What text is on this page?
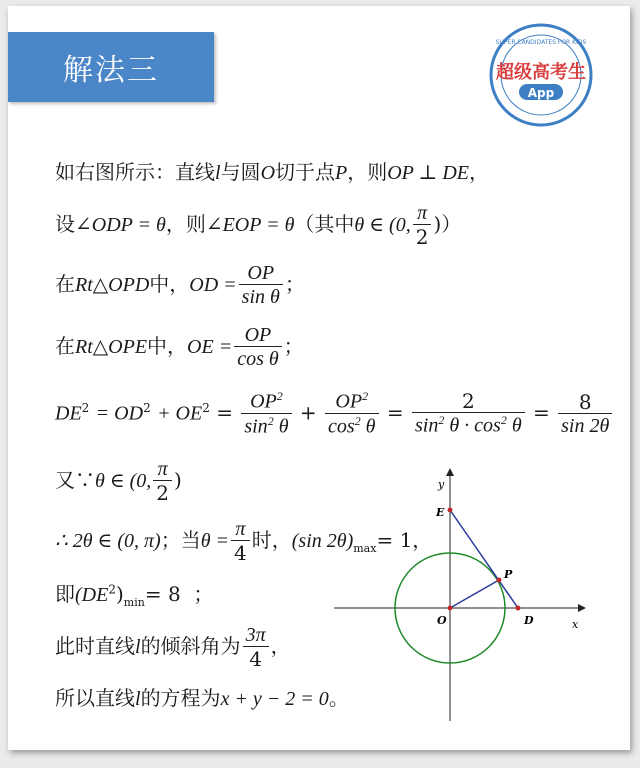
解法三
SUPER CANDIDATES FOR KIDS
超级高考生
App
如右图所示：直线l与圆O切于点P，则OP ⊥ DE，
设∠ODP = θ，则∠EOP = θ（其中θ ∈ (0, $\frac{\pi}{2}$ )）
在Rt△OPD中，OD = $\frac{OP}{\text{sin θ}}$ ；
在Rt△OPE中，OE = $\frac{OP}{\text{cos θ}}$ ；
$DE^2 = OD^2 + OE^2 = \frac{OP^2}{\sin^2 \theta} + \frac{OP^2}{\cos^2 \theta} = \frac{2}{\sin^2 \theta \cdot \cos^2 \theta} = \frac{8}{\sin 2\theta}$
又∵θ ∈ (0, $\frac{\pi}{2}$ )
∴ 2θ ∈ (0, π)；当$\theta = \frac{\pi}{4}$ 时，(sin $2\theta)_{max}= 1$，
即$(DE^2)_{min}= 8$ ；
此时直线l的倾斜角为 $\frac{3\pi}{4}$ ，
所以直线l的方程为x + y − 2 = 0。
y
x
E
P
O	D
